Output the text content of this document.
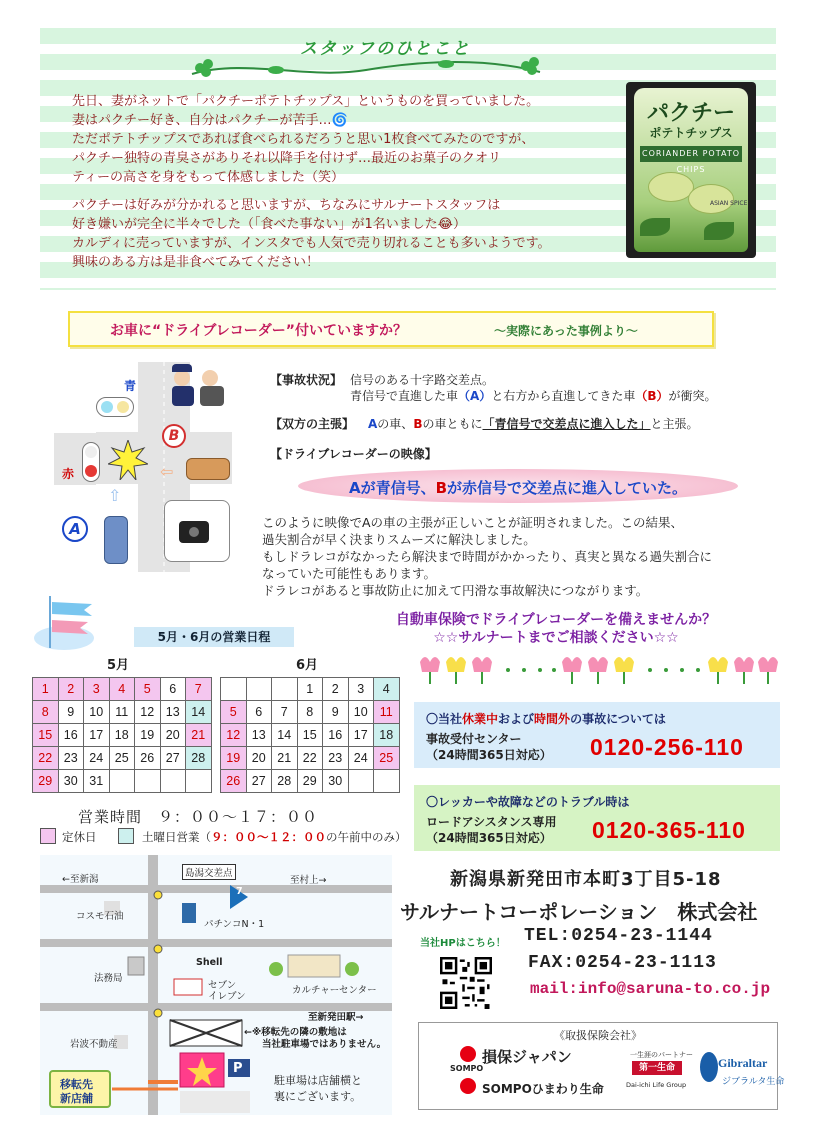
スタッフのひとこと
先日、妻がネットで「パクチーポテトチップス」というものを買っていました。
妻はパクチー好き、自分はパクチーが苦手…🌀
ただポテトチップスであれば食べられるだろうと思い1枚食べてみたのですが、
パクチー独特の青臭さがありそれ以降手を付けず…最近のお菓子のクオリ
ティーの高さを身をもって体感しました（笑）
パクチーは好みが分かれると思いますが、ちなみにサルナートスタッフは
好き嫌いが完全に半々でした（「食べた事ない」が1名いました😂）
カルディに売っていますが、インスタでも人気で売り切れることも多いようです。
興味のある方は是非食べてみてください！
パクチー
ポテトチップス
CORIANDER POTATO CHIPS
ASIAN SPICE
お車に“ドライブレコーダー”付いていますか？	～実際にあった事例より～
青
赤	⇦
B
⇧
A
【事故状況】 信号のある十字路交差点。
青信号で直進した車（A）と右方から直進してきた車（B）が衝突。
【双方の主張】 Aの車、Bの車ともに「青信号で交差点に進入した」と主張。
【ドライブレコーダーの映像】
Aが青信号、Bが赤信号で交差点に進入していた。
このように映像でAの車の主張が正しいことが証明されました。この結果、
過失割合が早く決まりスムーズに解決しました。
もしドラレコがなかったら解決まで時間がかかったり、真実と異なる過失割合に
なっていた可能性もあります。
ドラレコがあると事故防止に加えて円滑な事故解決につながります。
自動車保険でドライブレコーダーを備えませんか？
☆☆サルナートまでご相談ください☆☆
5月・6月の営業日程
5月	6月
1	2	3	4	5	6	7
8	9	10	11	12	13	14
15	16	17	18	19	20	21
22	23	24	25	26	27	28
29	30	31				
			1	2	3	4
5	6	7	8	9	10	11
12	13	14	15	16	17	18
19	20	21	22	23	24	25
26	27	28	29	30		
営業時間　９：００～１７：００
定休日	土曜日営業（９：００～１２：００の午前中のみ）
〇当社休業中および時間外の事故については
事故受付センター
（24時間365日対応） 0120-256-110
〇レッカーや故障などのトラブル時は
ロードアシスタンス専用
（24時間365日対応） 0120-365-110
新潟県新発田市本町3丁目5-18
サルナートコーポレーション　株式会社
当社HPはこちら！ TEL:0254-23-1144
FAX:0254-23-1113
mail:info@saruna-to.co.jp
《取扱保険会社》
SOMPO
損保ジャパン
SOMPOひまわり生命
一生涯のパートナー
第一生命
Dai-ichi Life Group
Gibraltar
ジブラルタ生命
←至新潟
島潟交差点
7
至村上→
コスモ石油
パチンコN・1
法務局
Shell
セブン
イレブン
カルチャーセンター
至新発田駅→
岩波不動産
←※移転先の隣の敷地は
当社駐車場ではありません。
移転先
新店舗
P
駐車場は店舗横と
裏にございます。
